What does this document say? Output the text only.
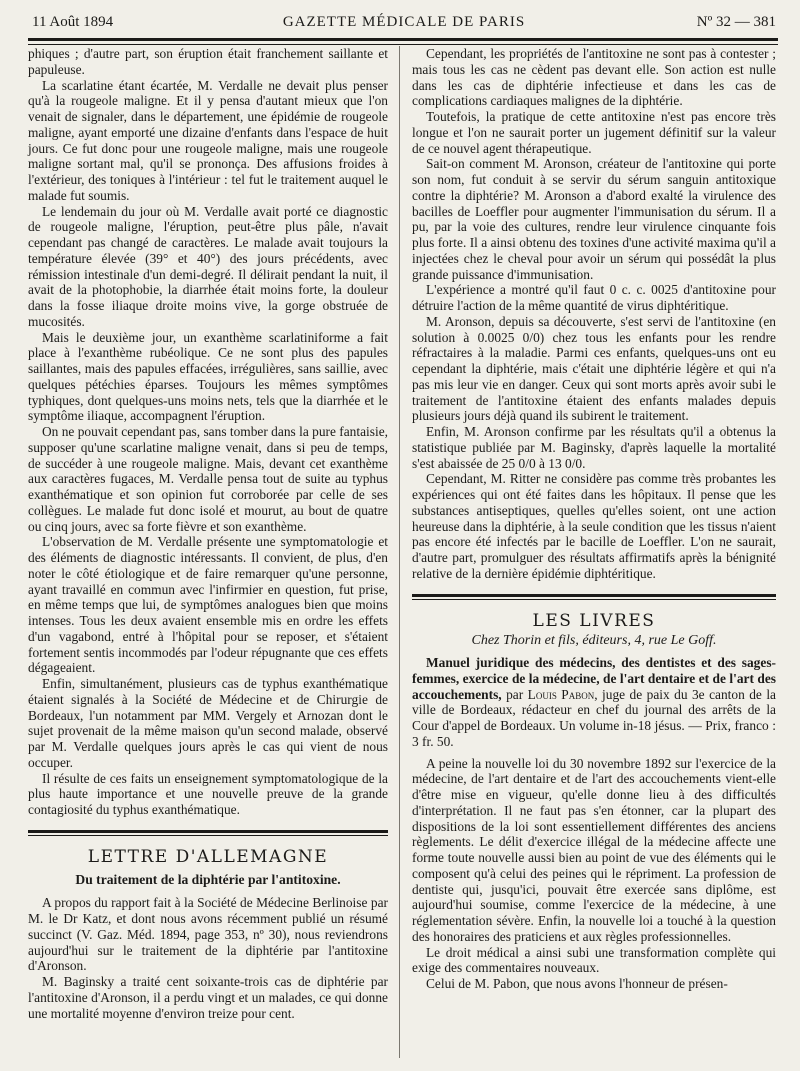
11 Août 1894	GAZETTE MÉDICALE DE PARIS	Nº 32 — 381

phiques ; d'autre part, son éruption était franchement saillante et papuleuse.

La scarlatine étant écartée, M. Verdalle ne devait plus penser qu'à la rougeole maligne. Et il y pensa d'autant mieux que l'on venait de signaler, dans le département, une épidémie de rougeole maligne, ayant emporté une dizaine d'enfants dans l'espace de huit jours. Ce fut donc pour une rougeole maligne, mais une rougeole maligne sortant mal, qu'il se prononça. Des affusions froides à l'extérieur, des toniques à l'intérieur : tel fut le traitement auquel le malade fut soumis.

Le lendemain du jour où M. Verdalle avait porté ce diagnostic de rougeole maligne, l'éruption, peut-être plus pâle, n'avait cependant pas changé de caractères. Le malade avait toujours la température élevée (39° et 40°) des jours précédents, avec rémission intestinale d'un demi-degré. Il délirait pendant la nuit, il avait de la photophobie, la diarrhée était moins forte, la douleur dans la fosse iliaque droite moins vive, la gorge obstruée de mucosités.

Mais le deuxième jour, un exanthème scarlatiniforme a fait place à l'exanthème rubéolique. Ce ne sont plus des papules saillantes, mais des papules effacées, irrégulières, sans saillie, avec quelques pétéchies éparses. Toujours les mêmes symptômes typhiques, dont quelques-uns moins nets, tels que la diarrhée et le symptôme iliaque, accompagnent l'éruption.

On ne pouvait cependant pas, sans tomber dans la pure fantaisie, supposer qu'une scarlatine maligne venait, dans si peu de temps, de succéder à une rougeole maligne. Mais, devant cet exanthème aux caractères fugaces, M. Verdalle pensa tout de suite au typhus exanthématique et son opinion fut corroborée par celle de ses collègues. Le malade fut donc isolé et mourut, au bout de quatre ou cinq jours, avec sa forte fièvre et son exanthème.

L'observation de M. Verdalle présente une symptomatologie et des éléments de diagnostic intéressants. Il convient, de plus, d'en noter le côté étiologique et de faire remarquer qu'une personne, ayant travaillé en commun avec l'infirmier en question, fut prise, en même temps que lui, de symptômes analogues bien que moins intenses. Tous les deux avaient ensemble mis en ordre les effets d'un vagabond, entré à l'hôpital pour se reposer, et s'étaient fortement sentis incommodés par l'odeur répugnante que ces effets dégageaient.

Enfin, simultanément, plusieurs cas de typhus exanthématique étaient signalés à la Société de Médecine et de Chirurgie de Bordeaux, l'un notamment par MM. Vergely et Arnozan dont le sujet provenait de la même maison qu'un second malade, observé par M. Verdalle quelques jours après le cas qui vient de nous occuper.

Il résulte de ces faits un enseignement symptomatologique de la plus haute importance et une nouvelle preuve de la grande contagiosité du typhus exanthématique.

LETTRE D'ALLEMAGNE
Du traitement de la diphtérie par l'antitoxine.

A propos du rapport fait à la Société de Médecine Berlinoise par M. le Dr Katz, et dont nous avons récemment publié un résumé succinct (V. Gaz. Méd. 1894, page 353, nº 30), nous reviendrons aujourd'hui sur le traitement de la diphtérie par l'antitoxine d'Aronson.

M. Baginsky a traité cent soixante-trois cas de diphtérie par l'antitoxine d'Aronson, il a perdu vingt et un malades, ce qui donne une mortalité moyenne d'environ treize pour cent.

Cependant, les propriétés de l'antitoxine ne sont pas à contester ; mais tous les cas ne cèdent pas devant elle. Son action est nulle dans les cas de diphtérie infectieuse et dans les cas de complications cardiaques malignes de la diphtérie.

Toutefois, la pratique de cette antitoxine n'est pas encore très longue et l'on ne saurait porter un jugement définitif sur la valeur de ce nouvel agent thérapeutique.

Sait-on comment M. Aronson, créateur de l'antitoxine qui porte son nom, fut conduit à se servir du sérum sanguin antitoxique contre la diphtérie? M. Aronson a d'abord exalté la virulence des bacilles de Loeffler pour augmenter l'immunisation du sérum. Il a pu, par la voie des cultures, rendre leur virulence cinquante fois plus forte. Il a ainsi obtenu des toxines d'une activité maxima qu'il a injectées chez le cheval pour avoir un sérum qui possédât la plus grande puissance d'immunisation.

L'expérience a montré qu'il faut 0 c. c. 0025 d'antitoxine pour détruire l'action de la même quantité de virus diphtéritique.

M. Aronson, depuis sa découverte, s'est servi de l'antitoxine (en solution à 0.0025 0/0) chez tous les enfants pour les rendre réfractaires à la maladie. Parmi ces enfants, quelques-uns ont eu cependant la diphtérie, mais c'était une diphtérie légère et qui n'a pas mis leur vie en danger. Ceux qui sont morts après avoir subi le traitement de l'antitoxine étaient des enfants malades depuis plusieurs jours déjà quand ils subirent le traitement.

Enfin, M. Aronson confirme par les résultats qu'il a obtenus la statistique publiée par M. Baginsky, d'après laquelle la mortalité s'est abaissée de 25 0/0 à 13 0/0.

Cependant, M. Ritter ne considère pas comme très probantes les expériences qui ont été faites dans les hôpitaux. Il pense que les substances antiseptiques, quelles qu'elles soient, ont une action heureuse dans la diphtérie, à la seule condition que les tissus n'aient pas encore été infectés par le bacille de Loeffler. L'on ne saurait, d'autre part, promulguer des résultats affirmatifs après la bénignité relative de la dernière épidémie diphtéritique.

LES LIVRES
Chez Thorin et fils, éditeurs, 4, rue Le Goff.

Manuel juridique des médecins, des dentistes et des sages-femmes, exercice de la médecine, de l'art dentaire et de l'art des accouchements, par Louis Pabon, juge de paix du 3e canton de la ville de Bordeaux, rédacteur en chef du journal des arrêts de la Cour d'appel de Bordeaux. Un volume in-18 jésus. — Prix, franco : 3 fr. 50.

A peine la nouvelle loi du 30 novembre 1892 sur l'exercice de la médecine, de l'art dentaire et de l'art des accouchements vient-elle d'être mise en vigueur, qu'elle donne lieu à des difficultés d'interprétation. Il ne faut pas s'en étonner, car la plupart des dispositions de la loi sont essentiellement différentes des anciens règlements. Le délit d'exercice illégal de la médecine affecte une forme toute nouvelle aussi bien au point de vue des éléments qui le composent qu'à celui des peines qui le répriment. La profession de dentiste qui, jusqu'ici, pouvait être exercée sans diplôme, est aujourd'hui soumise, comme l'exercice de la médecine, à une réglementation sévère. Enfin, la nouvelle loi a touché à la question des honoraires des praticiens et aux règles professionnelles.

Le droit médical a ainsi subi une transformation complète qui exige des commentaires nouveaux.

Celui de M. Pabon, que nous avons l'honneur de présen-
